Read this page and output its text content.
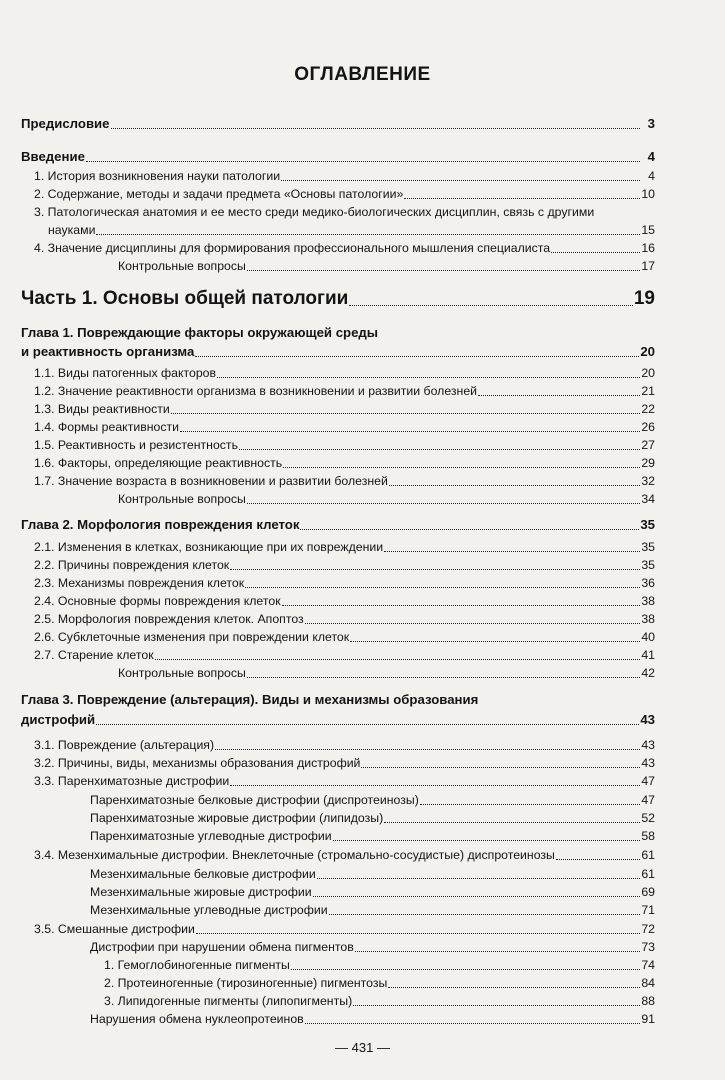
ОГЛАВЛЕНИЕ
Предисловие	3
Введение	4
1. История возникновения науки патологии	4
2. Содержание, методы и задачи предмета «Основы патологии»	10
3. Патологическая анатомия и ее место среди медико-биологических дисциплин, связь с другими
науками	15
4. Значение дисциплины для формирования профессионального мышления специалиста	16
Контрольные вопросы	17
Часть 1. Основы общей патологии	19
Глава 1. Повреждающие факторы окружающей среды
и реактивность организма	20
1.1. Виды патогенных факторов	20
1.2. Значение реактивности организма в возникновении и развитии болезней	21
1.3. Виды реактивности	22
1.4. Формы реактивности	26
1.5. Реактивность и резистентность	27
1.6. Факторы, определяющие реактивность	29
1.7. Значение возраста в возникновении и развитии болезней	32
Контрольные вопросы	34
Глава 2. Морфология повреждения клеток	35
2.1. Изменения в клетках, возникающие при их повреждении	35
2.2. Причины повреждения клеток	35
2.3. Механизмы повреждения клеток	36
2.4. Основные формы повреждения клеток	38
2.5. Морфология повреждения клеток. Апоптоз	38
2.6. Субклеточные изменения при повреждении клеток	40
2.7. Старение клеток	41
Контрольные вопросы	42
Глава 3. Повреждение (альтерация). Виды и механизмы образования
дистрофий	43
3.1. Повреждение (альтерация)	43
3.2. Причины, виды, механизмы образования дистрофий	43
3.3. Паренхиматозные дистрофии	47
Паренхиматозные белковые дистрофии (диспротеинозы)	47
Паренхиматозные жировые дистрофии (липидозы)	52
Паренхиматозные углеводные дистрофии	58
3.4. Мезенхимальные дистрофии. Внеклеточные (стромально-сосудистые) диспротеинозы	61
Мезенхимальные белковые дистрофии	61
Мезенхимальные жировые дистрофии	69
Мезенхимальные углеводные дистрофии	71
3.5. Смешанные дистрофии	72
Дистрофии при нарушении обмена пигментов	73
1. Гемоглобиногенные пигменты	74
2. Протеиногенные (тирозиногенные) пигментозы	84
3. Липидогенные пигменты (липопигменты)	88
Нарушения обмена нуклеопротеинов	91
— 431 —
